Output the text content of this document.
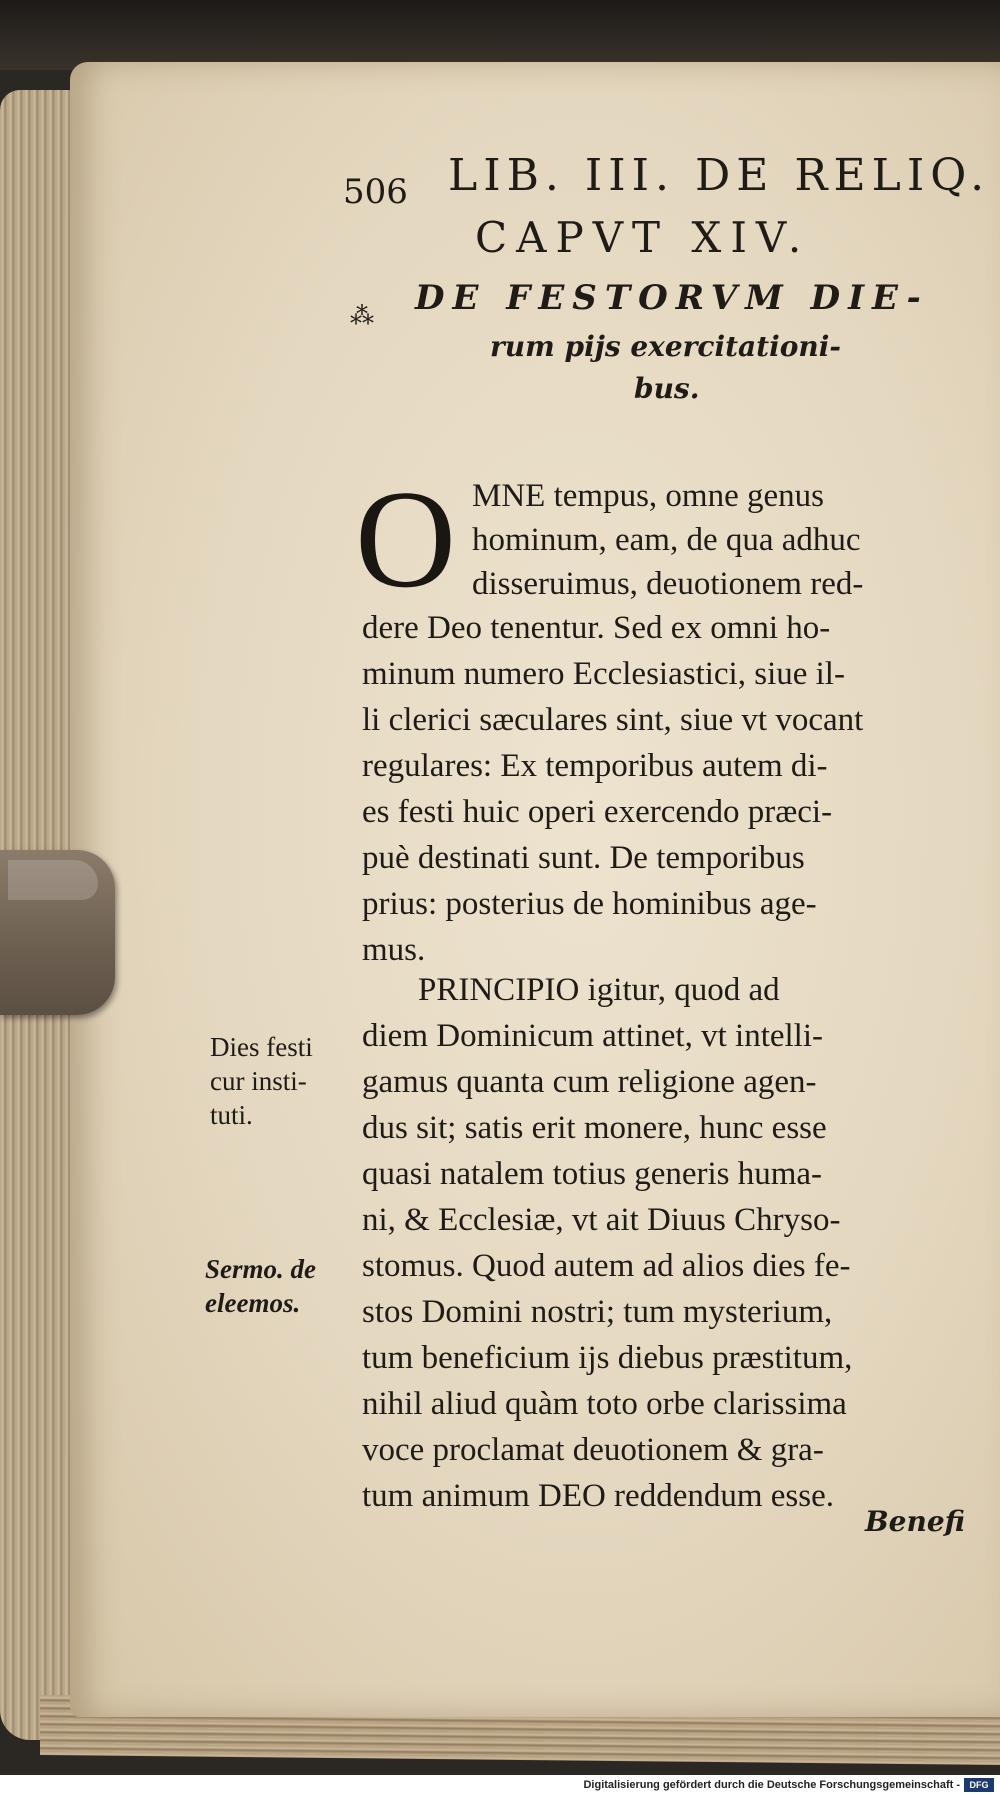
506 LIB. III. DE RELIQ.
CAPVT XIV.
⁂ DE FESTORVM DIE-
rum pijs exercitationi-
bus.
O MNE tempus, omne genus
hominum, eam, de qua adhuc
disseruimus, deuotionem red-
dere Deo tenentur. Sed ex omni ho-
minum numero Ecclesiastici, siue il-
li clerici sæculares sint, siue vt vocant
regulares: Ex temporibus autem di-
es festi huic operi exercendo præci-
puè destinati sunt. De temporibus
prius: posterius de hominibus age-
mus.
PRINCIPIO igitur, quod ad
diem Dominicum attinet, vt intelli-
gamus quanta cum religione agen-
dus sit; satis erit monere, hunc esse
quasi natalem totius generis huma-
ni, & Ecclesiæ, vt ait Diuus Chryso-
stomus. Quod autem ad alios dies fe-
stos Domini nostri; tum mysterium,
tum beneficium ijs diebus præstitum,
nihil aliud quàm toto orbe clarissima
voce proclamat deuotionem & gra-
tum animum DEO reddendum esse.
Dies festi
cur insti-
tuti.
Sermo. de
eleemos.
Benefi
Digitalisierung gefördert durch die Deutsche Forschungsgemeinschaft -	DFG
